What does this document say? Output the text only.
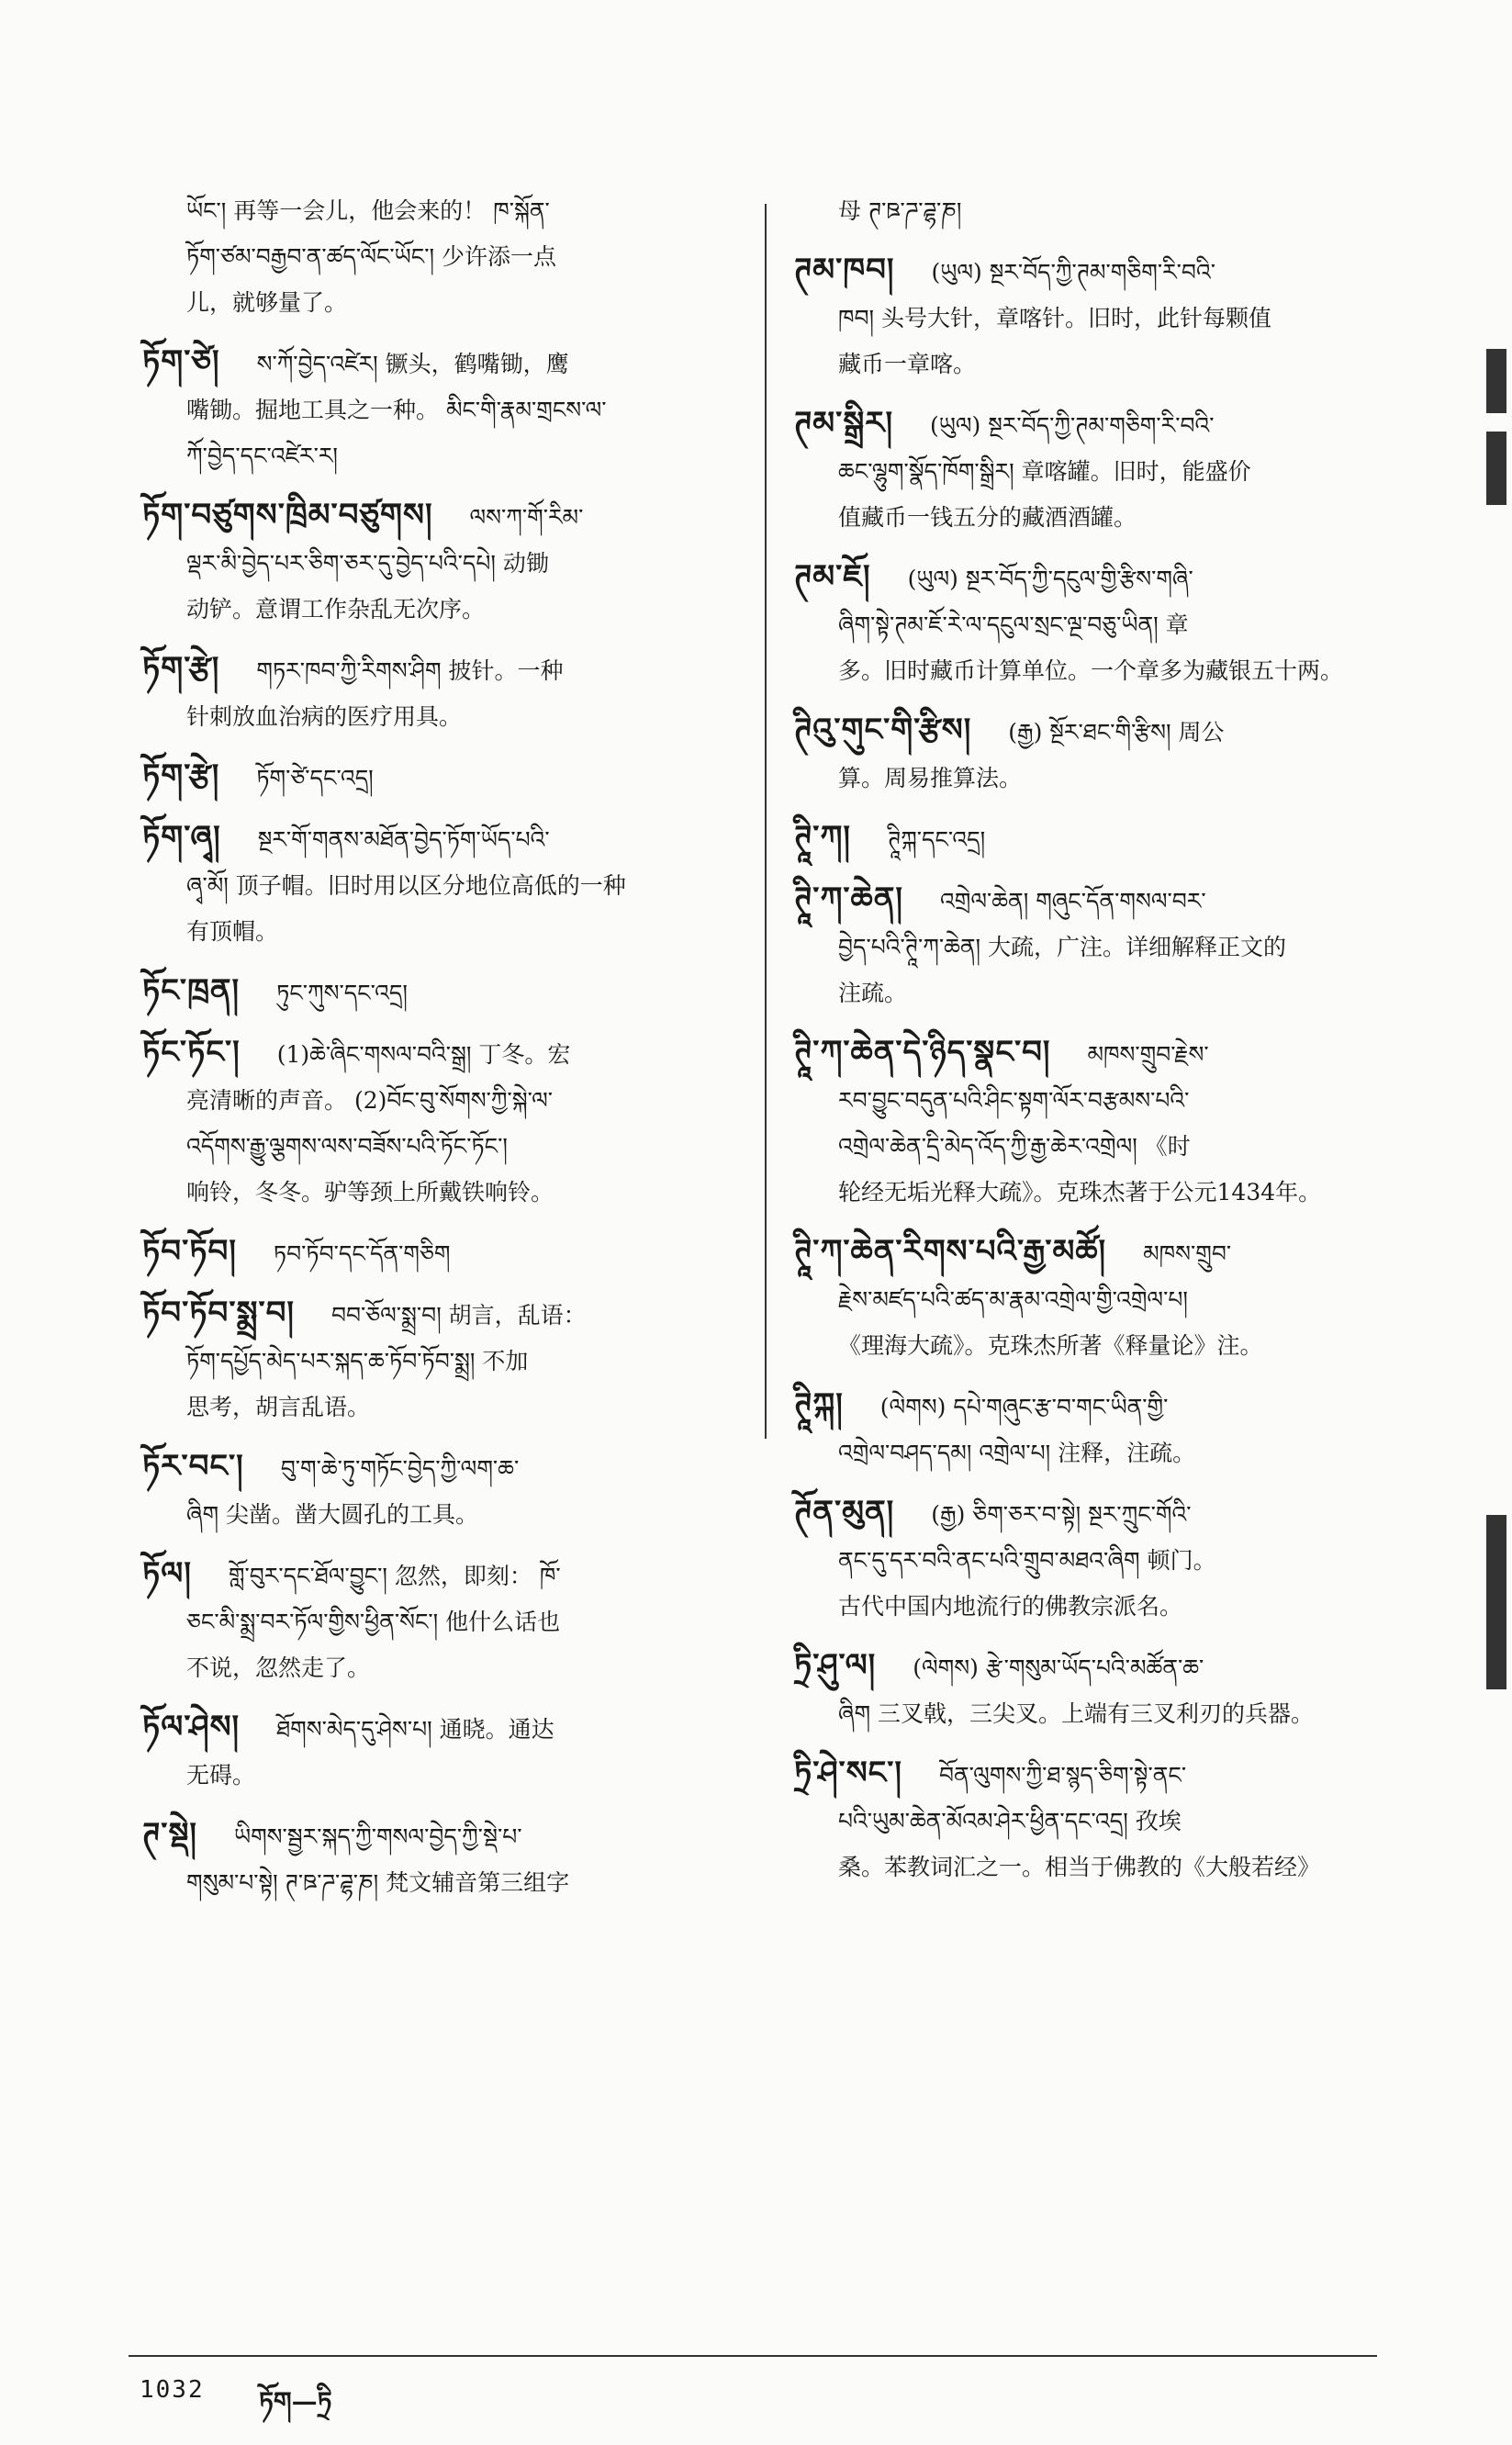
ཡོང་། 再等一会儿，他会来的！ ཁ་སྐོན་
ཏོག་ཙམ་བརྒྱབ་ན་ཚད་ལོང་ཡོང་། 少许添一点
儿，就够量了。
ཏོག་ཙེ། ས་ཀོ་བྱེད་འཛེར། 镢头，鹤嘴锄，鹰
嘴锄。掘地工具之一种。 མིང་གི་རྣམ་གྲངས་ལ་
ཀོ་བྱེད་དང་འཛེར་ར།
ཏོག་བཙུགས་ཁྲིམ་བཙུགས། ལས་ཀ་གོ་རིམ་
ལྡར་མི་བྱེད་པར་ཅིག་ཅར་དུ་བྱེད་པའི་དཔེ། 动锄
动铲。意谓工作杂乱无次序。
ཏོག་རྩེ། གཏར་ཁབ་ཀྱི་རིགས་ཤིག 披针。一种
针刺放血治病的医疗用具。
ཏོག་རྩེ། ཏོག་ཙེ་དང་འདྲ།
ཏོག་ཞྭ། སྔར་གོ་གནས་མཐོན་བྱེད་ཏོག་ཡོད་པའི་
ཞྭ་མོ། 顶子帽。旧时用以区分地位高低的一种
有顶帽。
ཏོང་ཁྲན། ཏུང་ཀུས་དང་འདྲ།
ཏོང་ཏོང་། (1)ཆེ་ཞིང་གསལ་བའི་སྒྲ། 丁冬。宏
亮清晰的声音。 (2)བོང་བུ་སོགས་ཀྱི་སྐེ་ལ་
འདོགས་རྒྱུ་ལྕགས་ལས་བཟོས་པའི་ཏོང་ཏོང་།
响铃，冬冬。驴等颈上所戴铁响铃。
ཏོབ་ཏོབ། ཏབ་ཏོབ་དང་དོན་གཅིག
ཏོབ་ཏོབ་སྨྲ་བ། བབ་ཅོལ་སྨྲ་བ། 胡言，乱语：
ཏོག་དཔྱོད་མེད་པར་སྐད་ཆ་ཏོབ་ཏོབ་སྨྲ། 不加
思考，胡言乱语。
ཏོར་བང་། བུ་ག་ཆེ་ཏུ་གཏོང་བྱེད་ཀྱི་ལག་ཆ་
ཞིག 尖凿。凿大圆孔的工具。
ཏོལ། གློ་བུར་དང་ཐོལ་བྱུང་། 忽然，即刻： ཁོ་
ཅང་མི་སྨྲ་བར་ཏོལ་གྱིས་ཕྱིན་སོང་། 他什么话也
不说，忽然走了。
ཏོལ་ཤེས། ཐོགས་མེད་དུ་ཤེས་པ། 通晓。通达
无碍。
ཊ་སྡེ། ཡིགས་སྦྱར་སྐད་ཀྱི་གསལ་བྱེད་ཀྱི་སྡེ་པ་
གསུམ་པ་སྟེ། ཊ་ཋ་ཌ་ཌྷ་ཎ། 梵文辅音第三组字
母 ཊ་ཋ་ཌ་ཌྷ་ཎ།
ཊམ་ཁབ། (ཡུལ) སྔར་བོད་ཀྱི་ཊམ་གཅིག་རི་བའི་
ཁབ། 头号大针，章喀针。旧时，此针每颗值
藏币一章喀。
ཊམ་སྒྲིར། (ཡུལ) སྔར་བོད་ཀྱི་ཊམ་གཅིག་རི་བའི་
ཆང་ལྷུག་སྣོད་ཁོག་སྒྲིར། 章喀罐。旧时，能盛价
值藏币一钱五分的藏酒酒罐。
ཊམ་ཇོ། (ཡུལ) སྔར་བོད་ཀྱི་དངུལ་གྱི་རྩིས་གཞི་
ཞིག་སྟེ་ཊམ་ཇོ་རེ་ལ་དངུལ་སྲང་ལྔ་བཅུ་ཡིན། 章
多。旧时藏币计算单位。一个章多为藏银五十两。
ཊིའུ་གུང་གི་རྩིས། (རྒྱ) སྔོར་ཐང་གི་རྩིས། 周公
算。周易推算法。
ཊཱི་ཀ། ཊཱིཀྐ་དང་འདྲ།
ཊཱི་ཀ་ཆེན། འགྲེལ་ཆེན། གཞུང་དོན་གསལ་བར་
བྱེད་པའི་ཊཱི་ཀ་ཆེན། 大疏，广注。详细解释正文的
注疏。
ཊཱི་ཀ་ཆེན་དེ་ཉིད་སྣང་བ། མཁས་གྲུབ་རྗེས་
རབ་བྱུང་བདུན་པའི་ཤིང་སྟག་ལོར་བརྩམས་པའི་
འགྲེལ་ཆེན་དྲི་མེད་འོད་ཀྱི་རྒྱ་ཆེར་འགྲེལ། 《时
轮经无垢光释大疏》。克珠杰著于公元1434年。
ཊཱི་ཀ་ཆེན་རིགས་པའི་རྒྱ་མཚོ། མཁས་གྲུབ་
རྗེས་མཛད་པའི་ཚད་མ་རྣམ་འགྲེལ་གྱི་འགྲེལ་པ།
《理海大疏》。克珠杰所著《释量论》注。
ཊཱིཀྐ། (ལེགས) དཔེ་གཞུང་རྩ་བ་གང་ཡིན་གྱི་
འགྲེལ་བཤད་དམ། འགྲེལ་པ། 注释，注疏。
ཊོན་མུན། (རྒྱ) ཅིག་ཅར་བ་སྟེ། སྔར་ཀྲུང་གོའི་
ནང་དུ་དར་བའི་ནང་པའི་གྲུབ་མཐའ་ཞིག 顿门。
古代中国内地流行的佛教宗派名。
ཏྲི་ཤུ་ལ། (ལེགས) རྩེ་གསུམ་ཡོད་པའི་མཚོན་ཆ་
ཞིག 三叉戟，三尖叉。上端有三叉利刃的兵器。
ཏྲི་ཤེ་སང་། བོན་ལུགས་ཀྱི་ཐ་སྙད་ཅིག་སྟེ་ནང་
པའི་ཡུམ་ཆེན་མོའམ་ཤེར་ཕྱིན་དང་འདྲ། 孜埃
桑。苯教词汇之一。相当于佛教的《大般若经》
1032 ཏོག—ཏྲི
